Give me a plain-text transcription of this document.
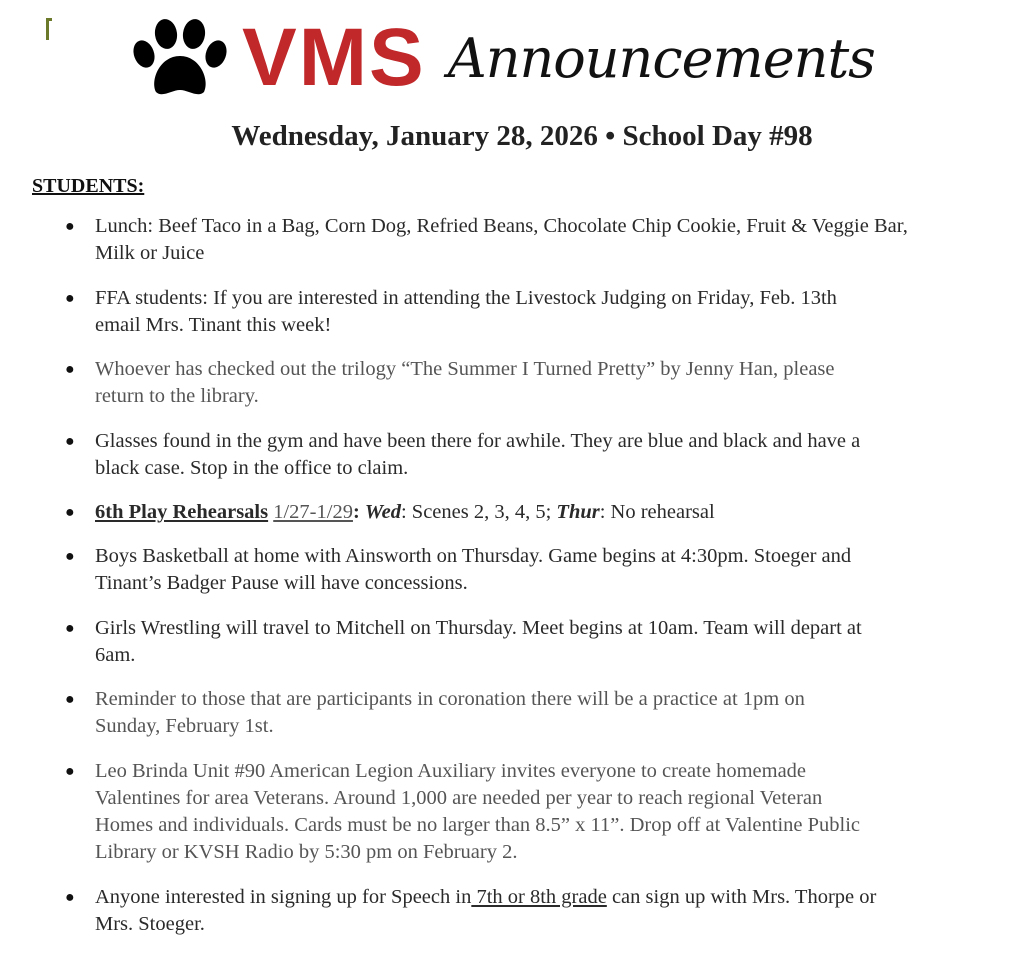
VMS Announcements
Wednesday, January 28, 2026 • School Day #98
STUDENTS:
● Lunch: Beef Taco in a Bag, Corn Dog, Refried Beans, Chocolate Chip Cookie, Fruit & Veggie Bar,
Milk or Juice
● FFA students: If you are interested in attending the Livestock Judging on Friday, Feb. 13th
email Mrs. Tinant this week!
● Whoever has checked out the trilogy “The Summer I Turned Pretty” by Jenny Han, please
return to the library.
● Glasses found in the gym and have been there for awhile. They are blue and black and have a
black case. Stop in the office to claim.
● 6th Play Rehearsals 1/27-1/29: Wed: Scenes 2, 3, 4, 5; Thur: No rehearsal
● Boys Basketball at home with Ainsworth on Thursday. Game begins at 4:30pm. Stoeger and
Tinant’s Badger Pause will have concessions.
● Girls Wrestling will travel to Mitchell on Thursday. Meet begins at 10am. Team will depart at
6am.
● Reminder to those that are participants in coronation there will be a practice at 1pm on
Sunday, February 1st.
● Leo Brinda Unit #90 American Legion Auxiliary invites everyone to create homemade
Valentines for area Veterans. Around 1,000 are needed per year to reach regional Veteran
Homes and individuals. Cards must be no larger than 8.5” x 11”. Drop off at Valentine Public
Library or KVSH Radio by 5:30 pm on February 2.
● Anyone interested in signing up for Speech in 7th or 8th grade can sign up with Mrs. Thorpe or
Mrs. Stoeger.
